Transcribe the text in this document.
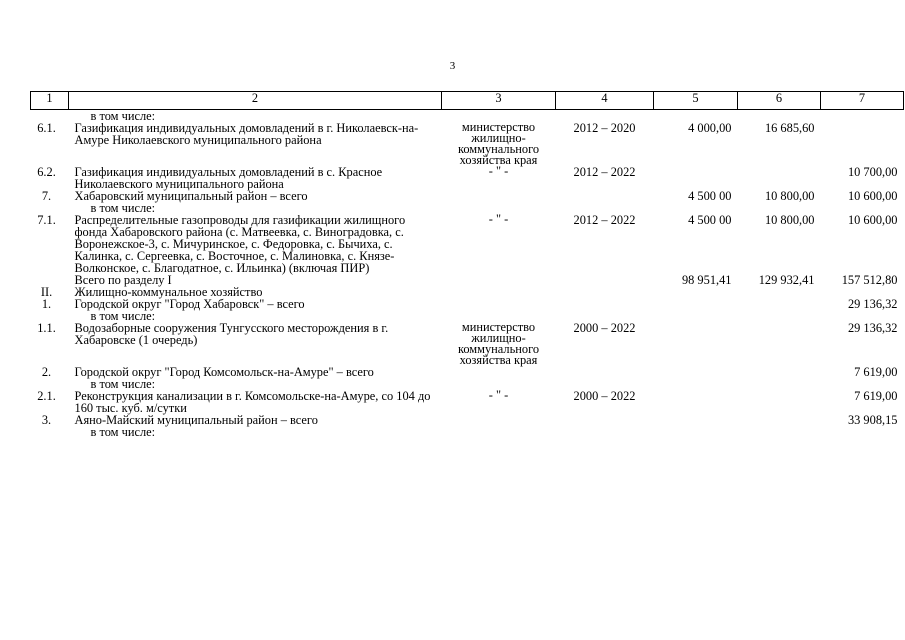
3
1	2	3	4	5	6	7
	в том числе:					
6.1.	Газификация индивидуальных домовладений в г. Николаевск-на-Амуре Николаевского муниципального района	министерство жилищно-коммунального хозяйства края	2012 – 2020	4 000,00	16 685,60	
6.2.	Газификация индивидуальных домовладений в с. Красное Николаевского муниципального района	- " -	2012 – 2022			10 700,00
7.	Хабаровский муниципальный район – всего			4 500 00	10 800,00	10 600,00
	в том числе:					
7.1.	Распределительные газопроводы для газификации жилищного фонда Хабаровского района (с. Матвеевка, с. Виноградовка, с. Воронежское-3, с. Мичуринское, с. Федоровка, с. Бычиха, с. Калинка, с. Сергеевка, с. Восточное, с. Малиновка, с. Князе-Волконское, с. Благодатное, с. Ильинка) (включая ПИР)	- " -	2012 – 2022	4 500 00	10 800,00	10 600,00
	Всего по разделу I			98 951,41	129 932,41	157 512,80
II.	Жилищно-коммунальное хозяйство					
1.	Городской округ "Город Хабаровск" – всего					29 136,32
	в том числе:					
1.1.	Водозаборные сооружения Тунгусского месторождения в г. Хабаровске (1 очередь)	министерство жилищно-коммунального хозяйства края	2000 – 2022			29 136,32
2.	Городской округ "Город Комсомольск-на-Амуре" – всего					7 619,00
	в том числе:					
2.1.	Реконструкция канализации в г. Комсомольске-на-Амуре, со 104 до 160 тыс. куб. м/сутки	- " -	2000 – 2022			7 619,00
3.	Аяно-Майский муниципальный район – всего					33 908,15
	в том числе:					
